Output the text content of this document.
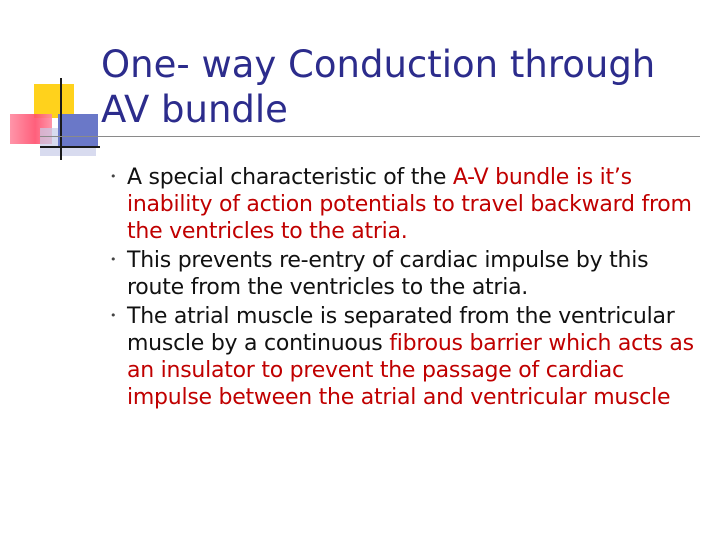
One- way Conduction through AV bundle
• A special characteristic of the A-V bundle is it’s inability of action potentials to travel backward from the ventricles to the atria.
• This prevents re-entry of cardiac impulse by this route from the ventricles to the atria.
• The atrial muscle is separated from the ventricular muscle by a continuous fibrous barrier which acts as an insulator to prevent the passage of cardiac impulse between the atrial and ventricular muscle
